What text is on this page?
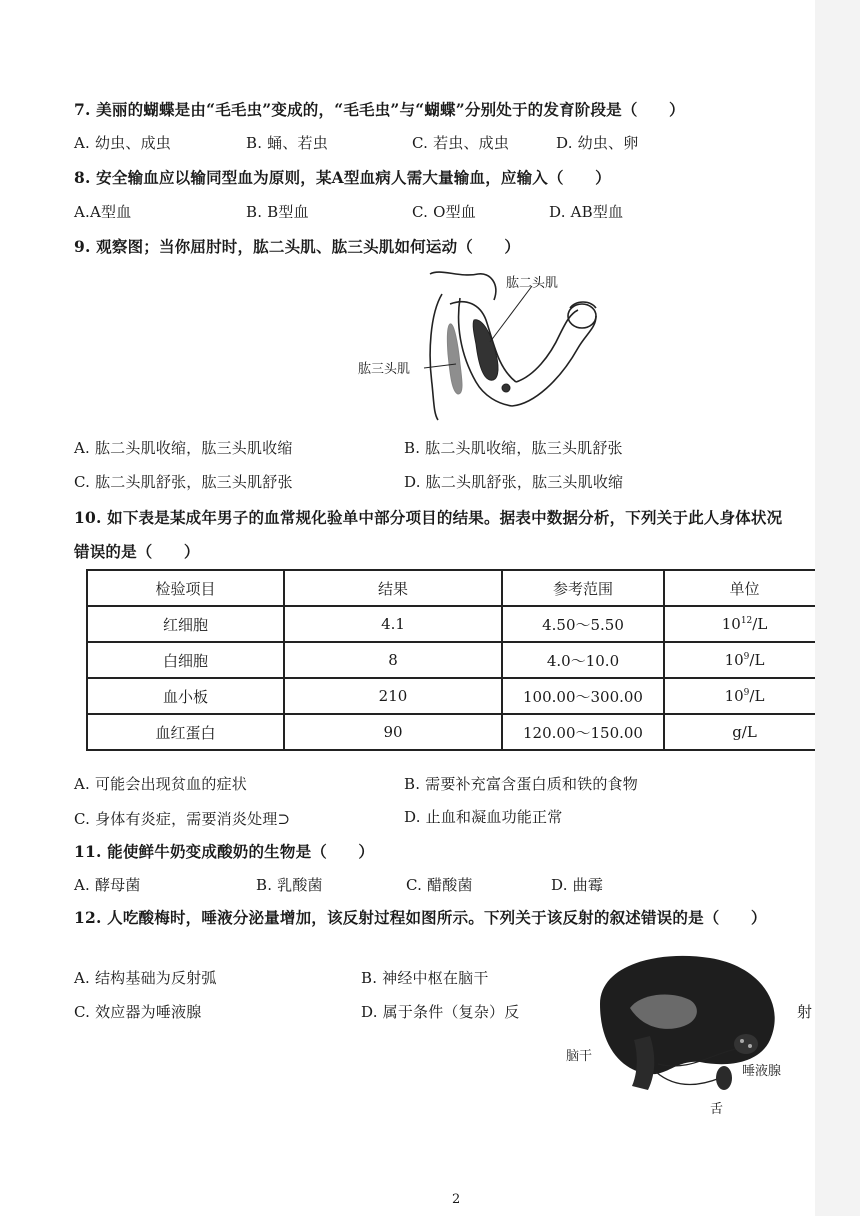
7. 美丽的蝴蝶是由“毛毛虫”变成的，“毛毛虫”与“蝴蝶”分别处于的发育阶段是（　　）
A. 幼虫、成虫	B. 蛹、若虫	C. 若虫、成虫	D. 幼虫、卵
8. 安全输血应以输同型血为原则，某A型血病人需大量输血，应输入（　　）
A.A型血	B. B型血	C. O型血	D. AB型血
9. 观察图；当你屈肘时，肱二头肌、肱三头肌如何运动（　　）
肱二头肌
肱三头肌
A. 肱二头肌收缩，肱三头肌收缩	B. 肱二头肌收缩，肱三头肌舒张
C. 肱二头肌舒张，肱三头肌舒张	D. 肱二头肌舒张，肱三头肌收缩
10. 如下表是某成年男子的血常规化验单中部分项目的结果。据表中数据分析，下列关于此人身体状况
错误的是（　　）
检验项目	结果	参考范围	单位
红细胞	4.1	4.50～5.50	$10^{12}/L$
白细胞	8	4.0～10.0	$10^9/L$
血小板	210	100.00～300.00	$10^9/L$
血红蛋白	90	120.00～150.00	g/L
A. 可能会出现贫血的症状	B. 需要补充富含蛋白质和铁的食物
C. 身体有炎症，需要消炎处理⊃	D. 止血和凝血功能正常
11. 能使鲜牛奶变成酸奶的生物是（　　）
A. 酵母菌	B. 乳酸菌	C. 醋酸菌	D. 曲霉
12. 人吃酸梅时，唾液分泌量增加，该反射过程如图所示。下列关于该反射的叙述错误的是（　　）
A. 结构基础为反射弧	B. 神经中枢在脑干
C. 效应器为唾液腺	D. 属于条件（复杂）反	射
脑干
唾液腺
舌
2
